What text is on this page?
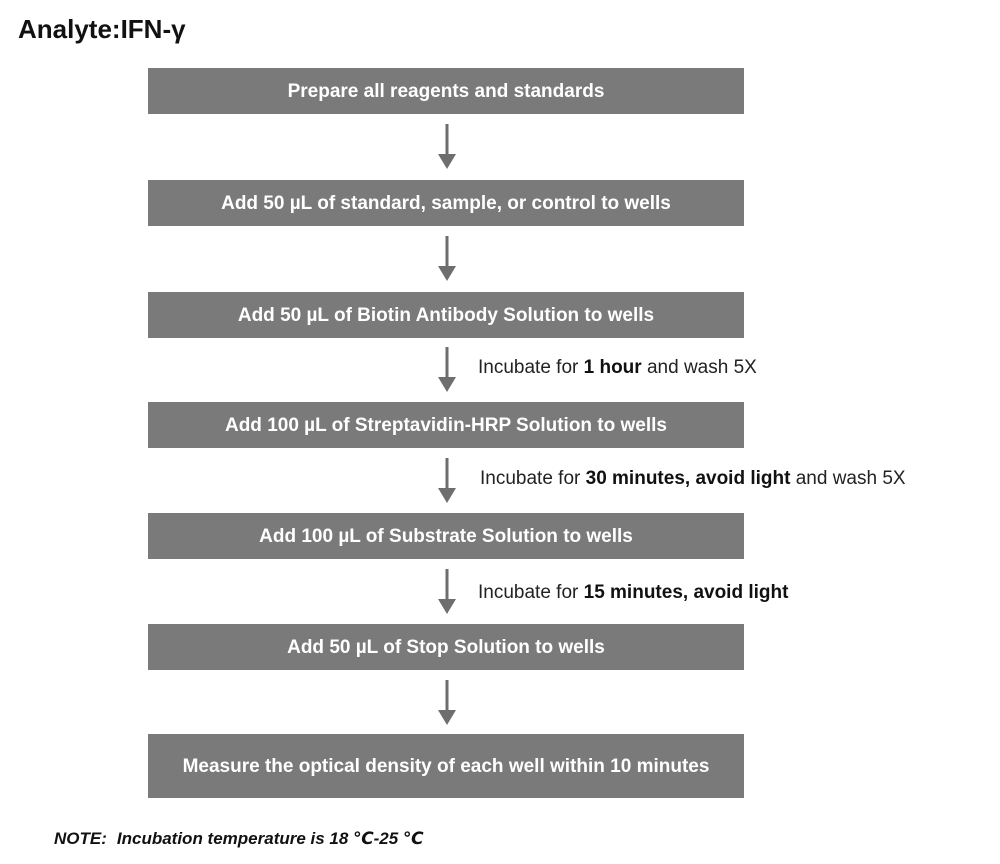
Analyte:IFN-γ
Prepare all reagents and standards
Add 50 µL of standard, sample, or control to wells
Add 50 µL of Biotin Antibody Solution to wells
Incubate for 1 hour and wash 5X
Add 100 µL of Streptavidin-HRP Solution to wells
Incubate for 30 minutes, avoid light and wash 5X
Add 100 µL of Substrate Solution to wells
Incubate for 15 minutes, avoid light
Add 50 µL of Stop Solution to wells
Measure the optical density of each well within 10 minutes
NOTE: Incubation temperature is 18 ℃-25 ℃
